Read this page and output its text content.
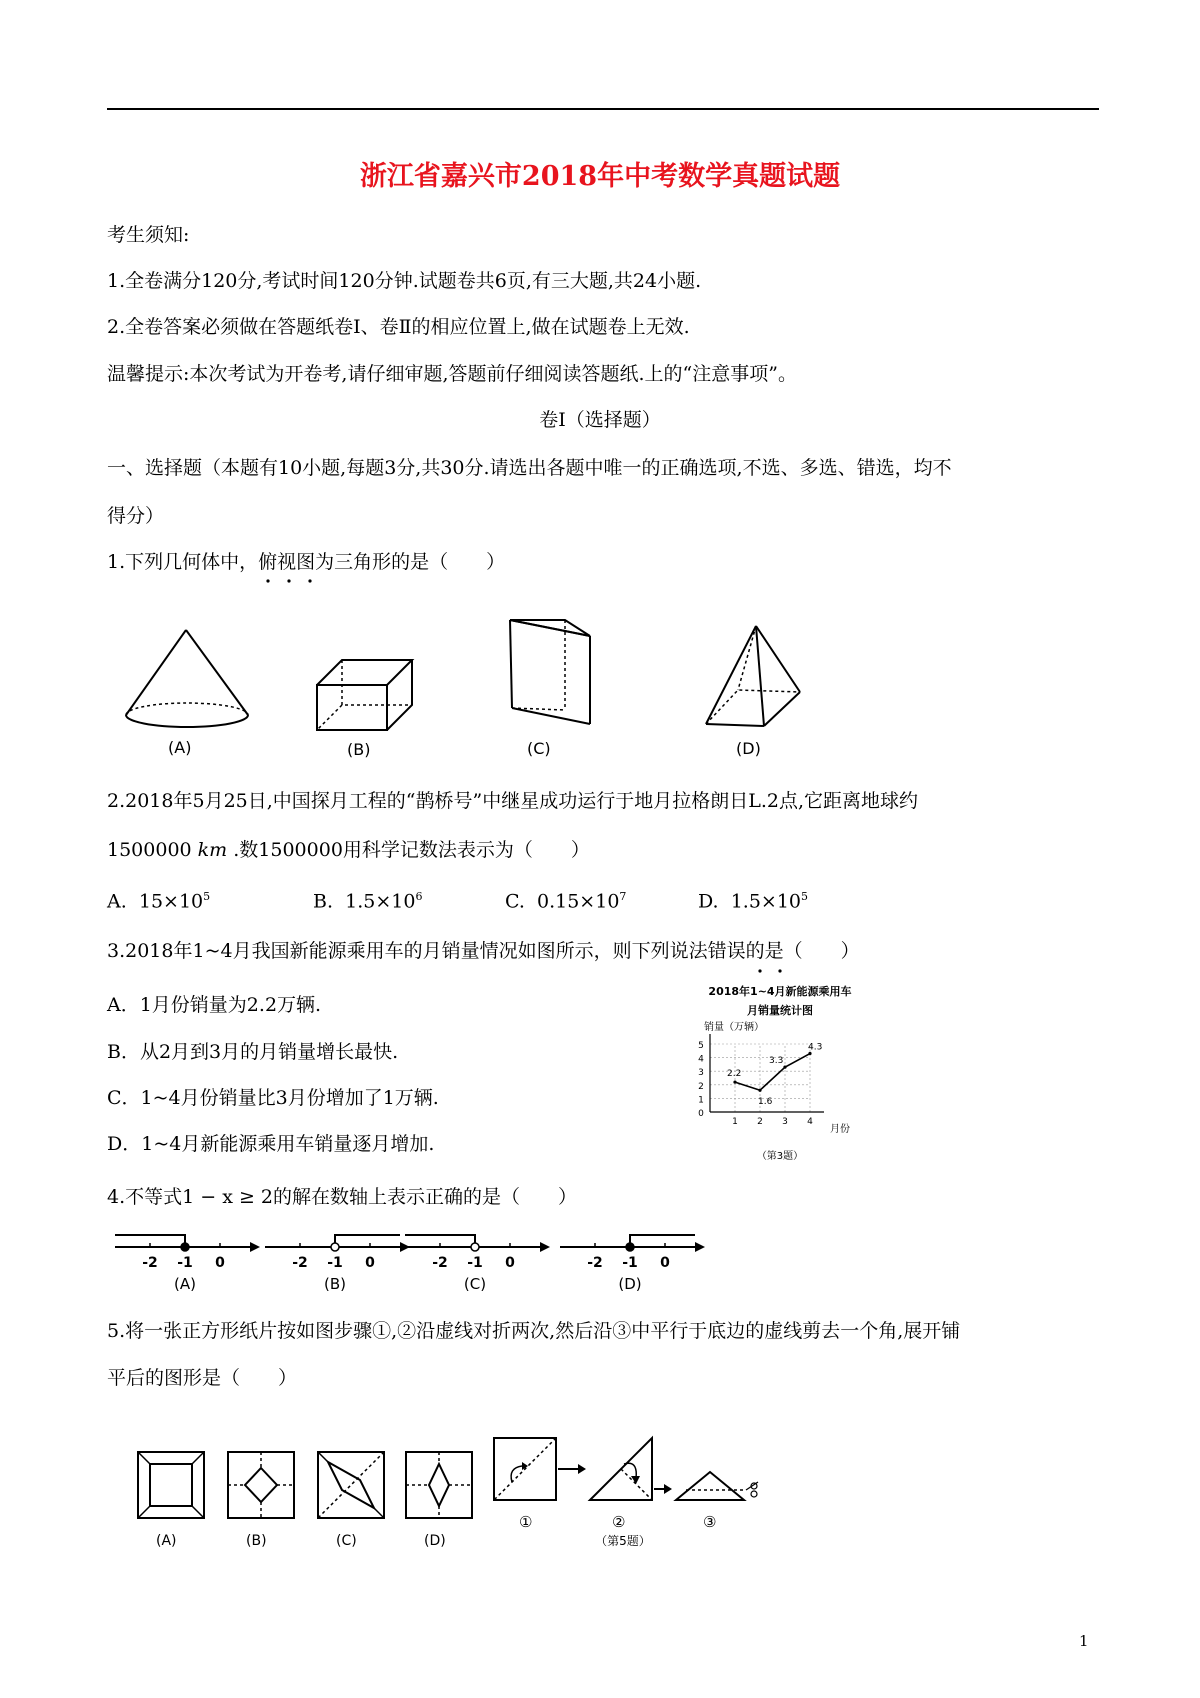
浙江省嘉兴市2018年中考数学真题试题
考生须知:
1.全卷满分120分,考试时间120分钟.试题卷共6页,有三大题,共24小题.
2.全卷答案必须做在答题纸卷Ⅰ、卷Ⅱ的相应位置上,做在试题卷上无效.
温馨提示:本次考试为开卷考,请仔细审题,答题前仔细阅读答题纸.上的“注意事项”。
卷Ⅰ（选择题）
一、选择题（本题有10小题,每题3分,共30分.请选出各题中唯一的正确选项,不选、多选、错选，均不
得分）
1.下列几何体中，俯视图为三角形的是（　　）
(A)	(B)	(C)	(D)
2.2018年5月25日,中国探月工程的“鹊桥号”中继星成功运行于地月拉格朗日L.2点,它距离地球约
1500000 km .数1500000用科学记数法表示为（　　）
A. $15\times 10^5$	B. $1.5\times 10^6$	C. $0.15\times 10^7$	D. $1.5\times 10^5$
3.2018年1~4月我国新能源乘用车的月销量情况如图所示，则下列说法错误的是（　　）
A．1月份销量为2.2万辆.
B．从2月到3月的月销量增长最快.
C．1~4月份销量比3月份增加了1万辆.
D．1~4月新能源乘用车销量逐月增加.
2018年1~4月新能源乘用车
月销量统计图
销量（万辆）
月份
（第3题）
0
1
2
3
4
5
1 2 3 4
2.2
1.6
3.3
4.3
4.不等式1 − x ≥ 2的解在数轴上表示正确的是（　　）
-2 -1 0
(A)
-2 -1 0
(B)
-2 -1 0
(C)
-2 -1 0
(D)
5.将一张正方形纸片按如图步骤①,②沿虚线对折两次,然后沿③中平行于底边的虚线剪去一个角,展开铺
平后的图形是（　　）
(A)	(B)	(C)	(D)
①	②	③
（第5题）
1
